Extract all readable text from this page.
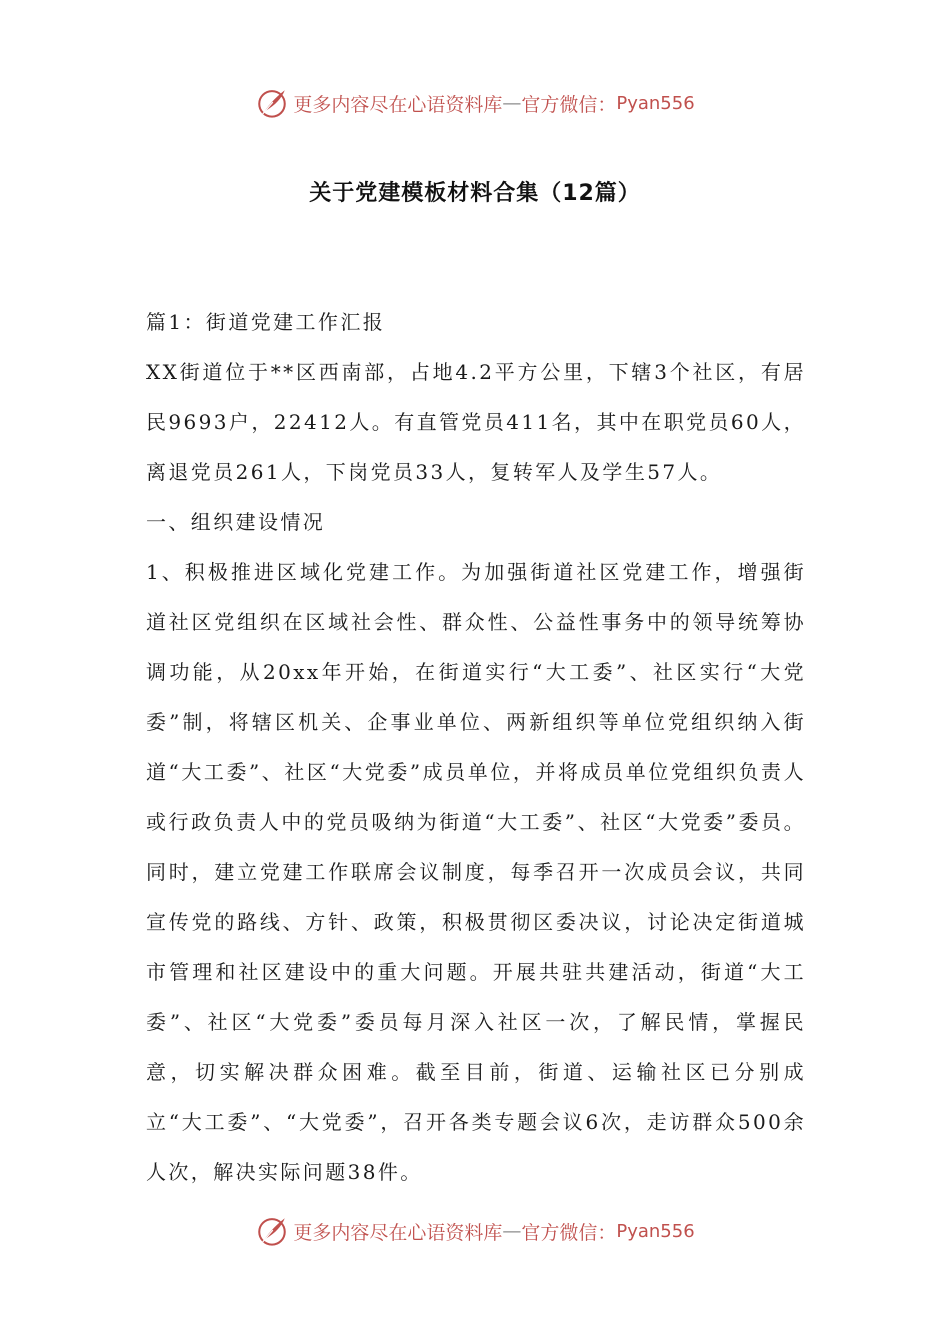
更多内容尽在心语资料库 — 官方微信： Pyan556
关于党建模板材料合集（12篇）

篇1：街道党建工作汇报

XX街道位于**区西南部，占地4.2平方公里，下辖3个社区，有居民9693户，22412人。有直管党员411名，其中在职党员60人，离退党员261人，下岗党员33人，复转军人及学生57人。

一、组织建设情况

1、积极推进区域化党建工作。为加强街道社区党建工作，增强街道社区党组织在区域社会性、群众性、公益性事务中的领导统筹协调功能，从20xx年开始，在街道实行“大工委”、社区实行“大党委”制，将辖区机关、企事业单位、两新组织等单位党组织纳入街道“大工委”、社区“大党委”成员单位，并将成员单位党组织负责人或行政负责人中的党员吸纳为街道“大工委”、社区“大党委”委员。同时，建立党建工作联席会议制度，每季召开一次成员会议，共同宣传党的路线、方针、政策，积极贯彻区委决议，讨论决定街道城市管理和社区建设中的重大问题。开展共驻共建活动，街道“大工委”、社区“大党委”委员每月深入社区一次，了解民情，掌握民意，切实解决群众困难。截至目前，街道、运输社区已分别成立“大工委”、“大党委”，召开各类专题会议6次，走访群众500余人次，解决实际问题38件。

更多内容尽在心语资料库 — 官方微信： Pyan556
